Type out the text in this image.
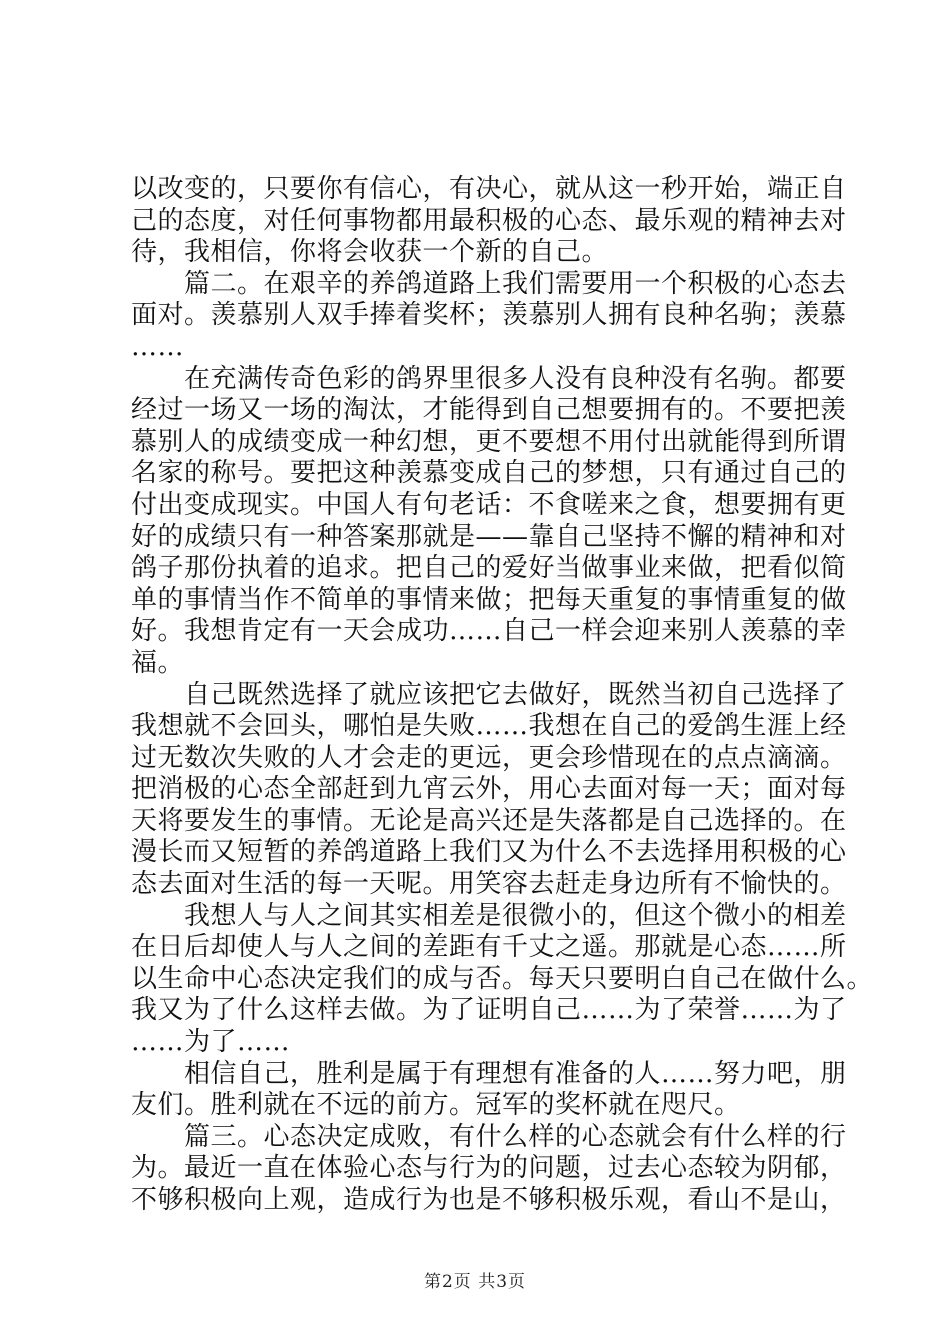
以改变的，只要你有信心，有决心，就从这一秒开始，端正自
己的态度，对任何事物都用最积极的心态、最乐观的精神去对
待，我相信，你将会收获一个新的自己。
　　篇二。在艰辛的养鸽道路上我们需要用一个积极的心态去
面对。羡慕别人双手捧着奖杯；羡慕别人拥有良种名驹；羡慕
……
　　在充满传奇色彩的鸽界里很多人没有良种没有名驹。都要
经过一场又一场的淘汰，才能得到自己想要拥有的。不要把羡
慕别人的成绩变成一种幻想，更不要想不用付出就能得到所谓
名家的称号。要把这种羡慕变成自己的梦想，只有通过自己的
付出变成现实。中国人有句老话：不食嗟来之食，想要拥有更
好的成绩只有一种答案那就是——靠自己坚持不懈的精神和对
鸽子那份执着的追求。把自己的爱好当做事业来做，把看似简
单的事情当作不简单的事情来做；把每天重复的事情重复的做
好。我想肯定有一天会成功……自己一样会迎来别人羡慕的幸
福。
　　自己既然选择了就应该把它去做好，既然当初自己选择了
我想就不会回头，哪怕是失败……我想在自己的爱鸽生涯上经
过无数次失败的人才会走的更远，更会珍惜现在的点点滴滴。
把消极的心态全部赶到九宵云外，用心去面对每一天；面对每
天将要发生的事情。无论是高兴还是失落都是自己选择的。在
漫长而又短暂的养鸽道路上我们又为什么不去选择用积极的心
态去面对生活的每一天呢。用笑容去赶走身边所有不愉快的。
　　我想人与人之间其实相差是很微小的，但这个微小的相差
在日后却使人与人之间的差距有千丈之遥。那就是心态……所
以生命中心态决定我们的成与否。每天只要明白自己在做什么。
我又为了什么这样去做。为了证明自己……为了荣誉……为了
……为了……
　　相信自己，胜利是属于有理想有准备的人……努力吧，朋
友们。胜利就在不远的前方。冠军的奖杯就在咫尺。
　　篇三。心态决定成败，有什么样的心态就会有什么样的行
为。最近一直在体验心态与行为的问题，过去心态较为阴郁，
不够积极向上观，造成行为也是不够积极乐观，看山不是山，
第2页 共3页
